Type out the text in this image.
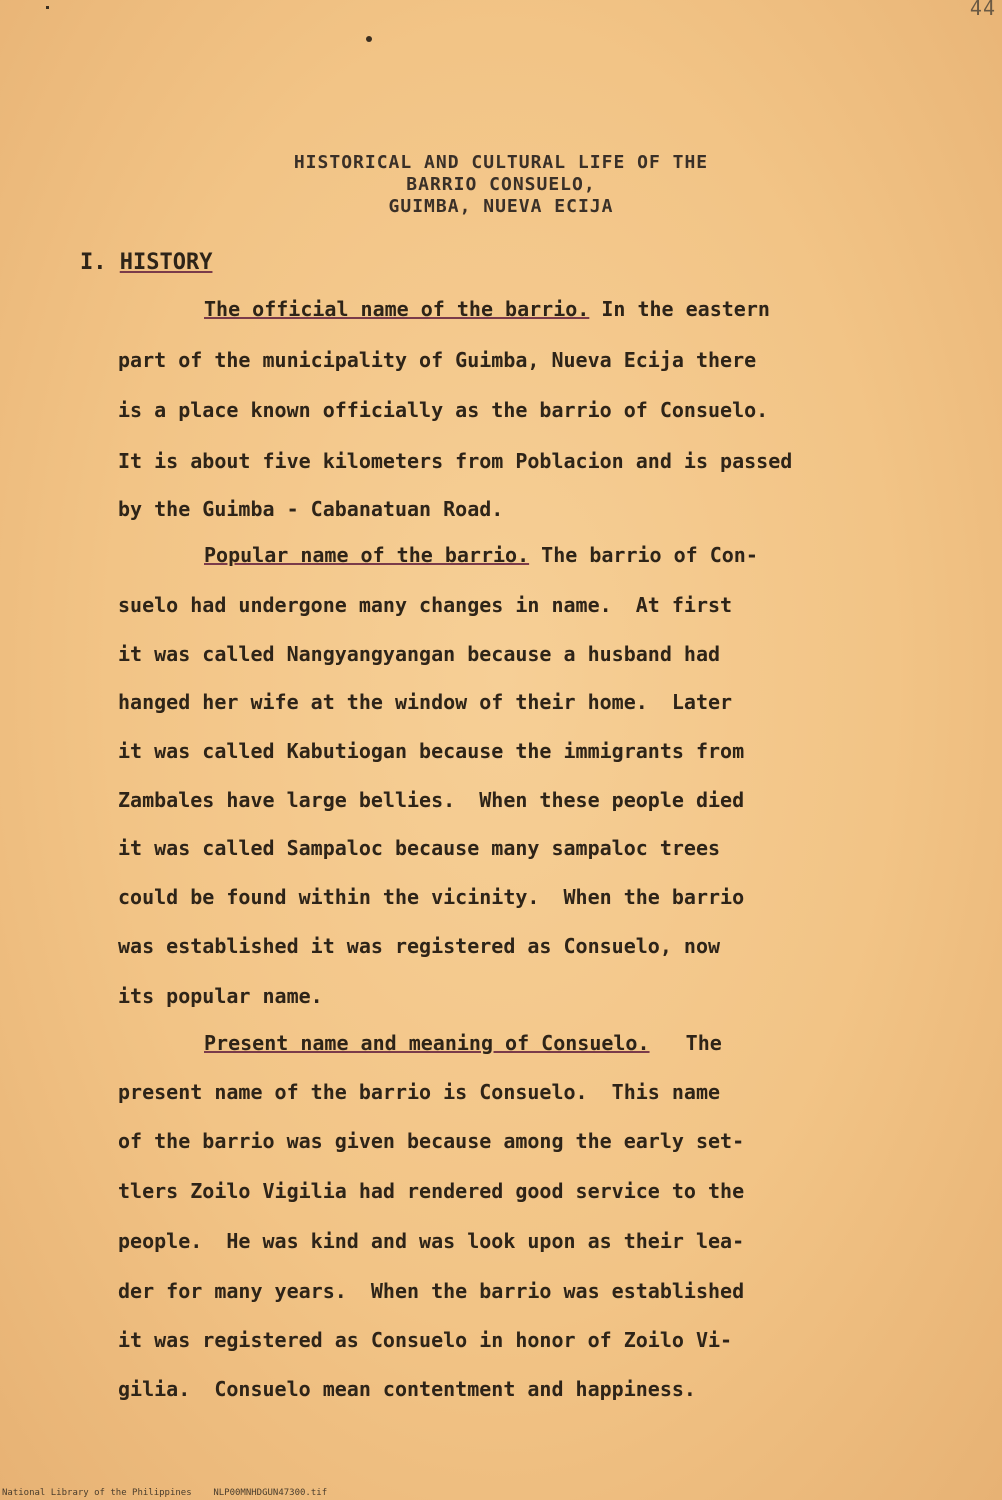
44
HISTORICAL AND CULTURAL LIFE OF THE
BARRIO CONSUELO,
GUIMBA, NUEVA ECIJA
I. HISTORY
The official name of the barrio. In the eastern
part of the municipality of Guimba, Nueva Ecija there
is a place known officially as the barrio of Consuelo.
It is about five kilometers from Poblacion and is passed
by the Guimba - Cabanatuan Road.
Popular name of the barrio. The barrio of Con-
suelo had undergone many changes in name.  At first
it was called Nangyangyangan because a husband had
hanged her wife at the window of their home.  Later
it was called Kabutiogan because the immigrants from
Zambales have large bellies.  When these people died
it was called Sampaloc because many sampaloc trees
could be found within the vicinity.  When the barrio
was established it was registered as Consuelo, now
its popular name.
Present name and meaning of Consuelo.   The
present name of the barrio is Consuelo.  This name
of the barrio was given because among the early set-
tlers Zoilo Vigilia had rendered good service to the
people.  He was kind and was look upon as their lea-
der for many years.  When the barrio was established
it was registered as Consuelo in honor of Zoilo Vi-
gilia.  Consuelo mean contentment and happiness.
National Library of the Philippines    NLP00MNHDGUN47300.tif
